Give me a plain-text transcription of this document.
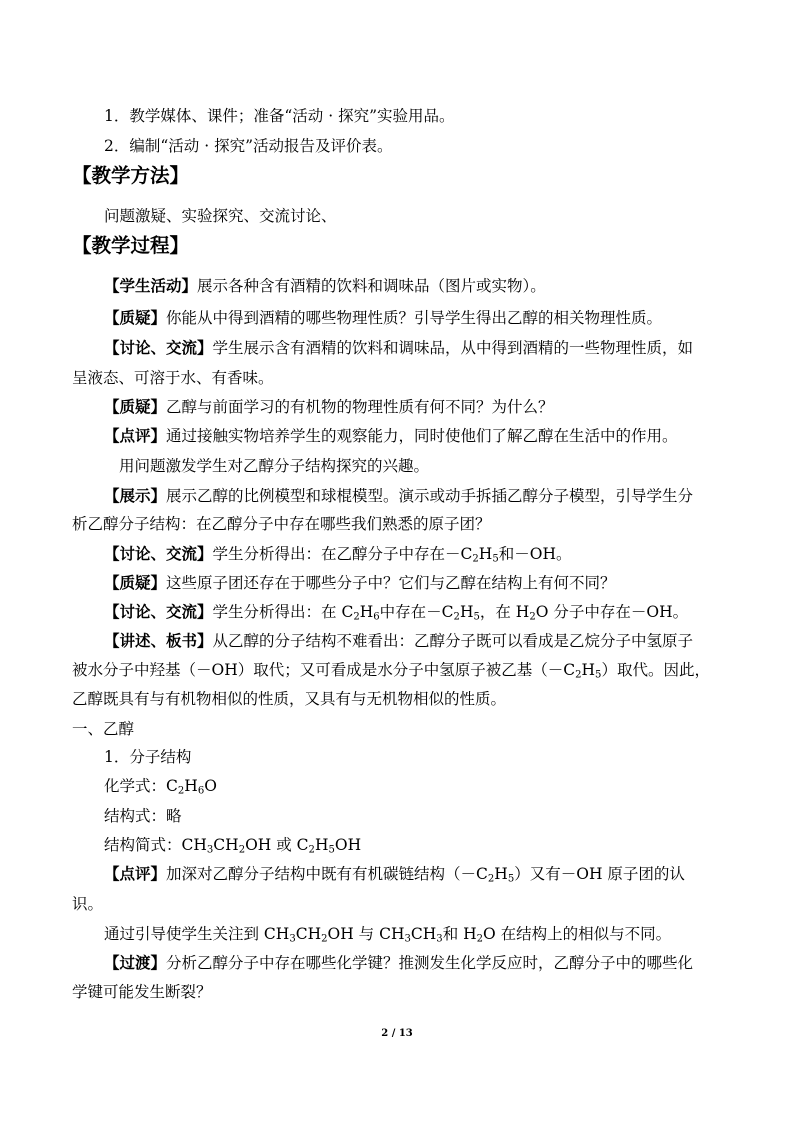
1．教学媒体、课件；准备“活动 · 探究”实验用品。
2．编制“活动 · 探究”活动报告及评价表。
【教学方法】
问题激疑、实验探究、交流讨论、
【教学过程】
【学生活动】展示各种含有酒精的饮料和调味品（图片或实物）。
【质疑】你能从中得到酒精的哪些物理性质？引导学生得出乙醇的相关物理性质。
【讨论、交流】学生展示含有酒精的饮料和调味品，从中得到酒精的一些物理性质，如
呈液态、可溶于水、有香味。
【质疑】乙醇与前面学习的有机物的物理性质有何不同？为什么？
【点评】通过接触实物培养学生的观察能力，同时使他们了解乙醇在生活中的作用。
用问题激发学生对乙醇分子结构探究的兴趣。
【展示】展示乙醇的比例模型和球棍模型。演示或动手拆插乙醇分子模型，引导学生分
析乙醇分子结构：在乙醇分子中存在哪些我们熟悉的原子团？
【讨论、交流】学生分析得出：在乙醇分子中存在$-C_2H_5$和－OH。
【质疑】这些原子团还存在于哪些分子中？它们与乙醇在结构上有何不同？
【讨论、交流】学生分析得出：在 $C_2H_6$中存在$-C_2H_5$，在 $H_2O$ 分子中存在－OH。
【讲述、板书】从乙醇的分子结构不难看出：乙醇分子既可以看成是乙烷分子中氢原子
被水分子中羟基（－OH）取代；又可看成是水分子中氢原子被乙基$(-C_2H_5)$取代。因此，
乙醇既具有与有机物相似的性质，又具有与无机物相似的性质。
一、乙醇
1．分子结构
化学式：$C_2H_6O$
结构式：略
结构简式：$CH_3CH_2OH$ 或 $C_2H_5OH$
【点评】加深对乙醇分子结构中既有有机碳链结构$(-C_2H_5)$又有－OH 原子团的认
识。
通过引导使学生关注到 $CH_3CH_2OH$ 与 $CH_3CH_3$和 $H_2O$ 在结构上的相似与不同。
【过渡】分析乙醇分子中存在哪些化学键？推测发生化学反应时，乙醇分子中的哪些化
学键可能发生断裂？
2 / 13
